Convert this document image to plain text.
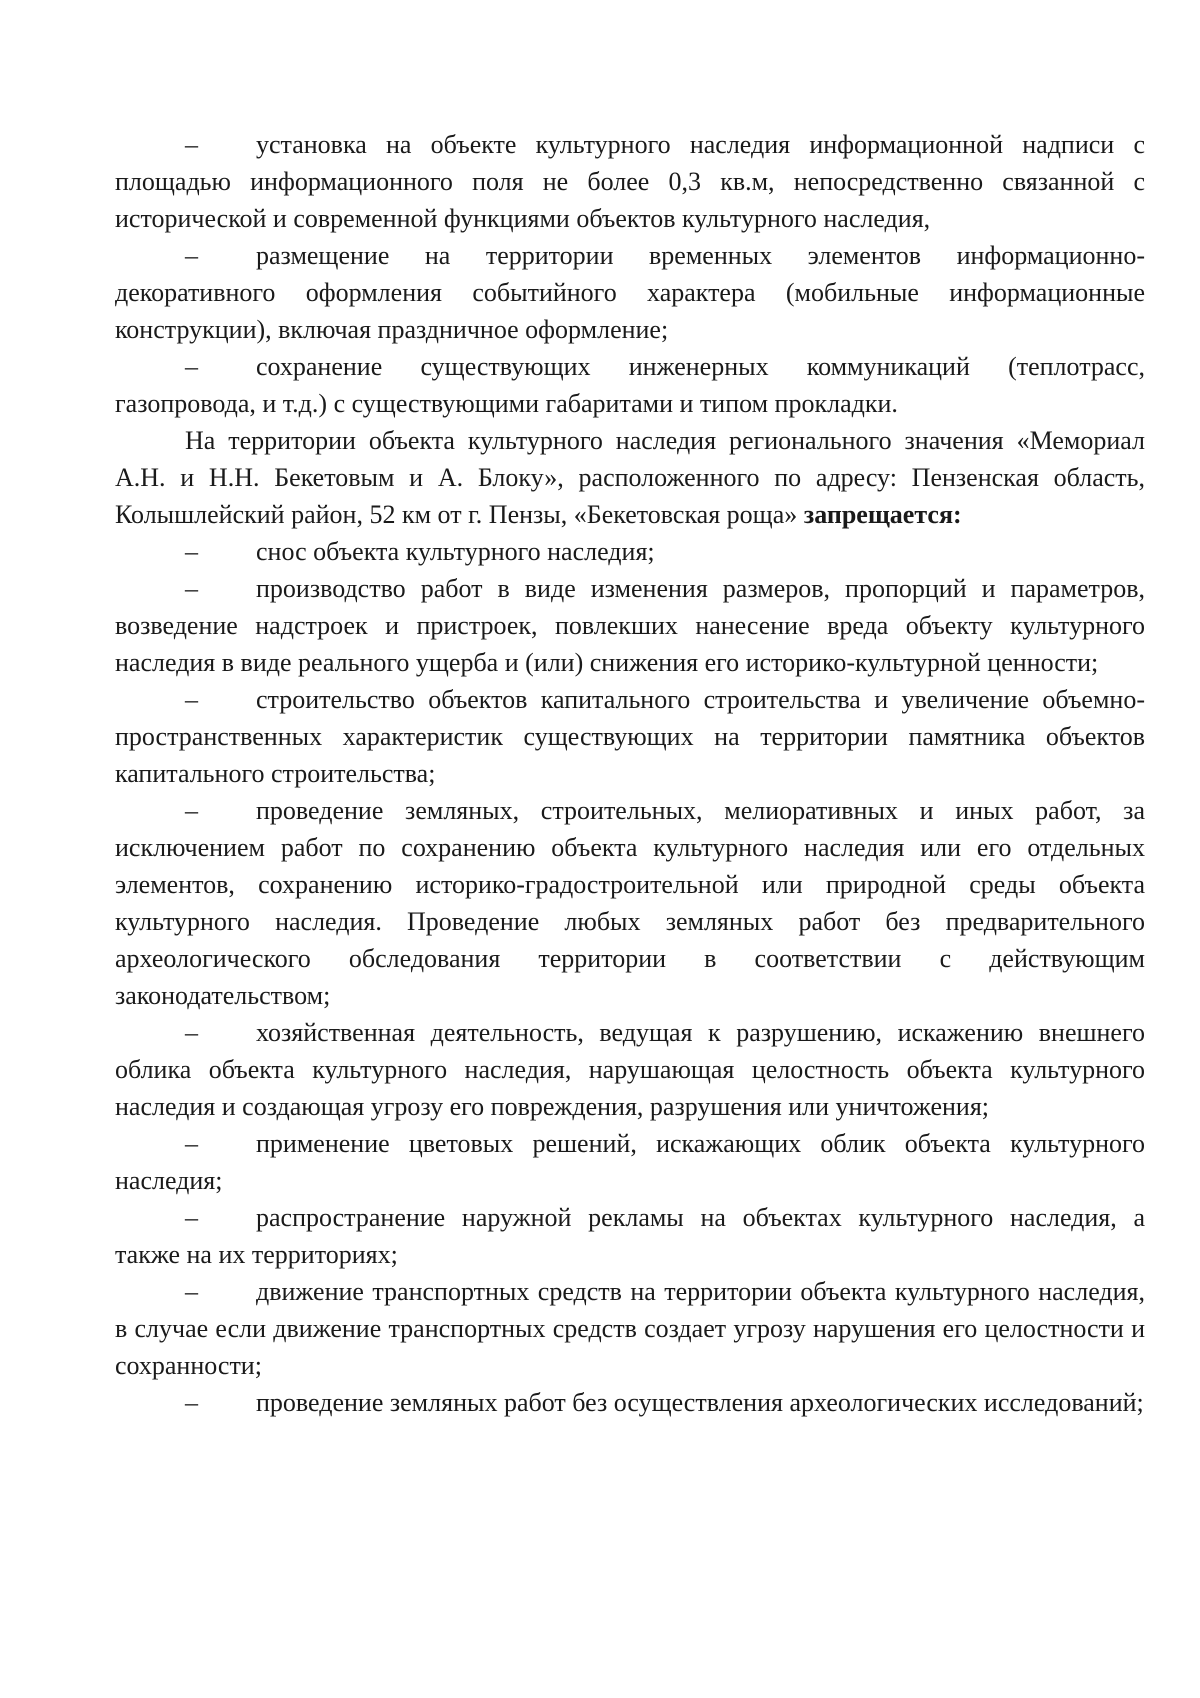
– установка на объекте культурного наследия информационной надписи с площадью информационного поля не более 0,3 кв.м, непосредственно связанной с исторической и современной функциями объектов культурного наследия,

– размещение на территории временных элементов информационно-декоративного оформления событийного характера (мобильные информационные конструкции), включая праздничное оформление;

– сохранение существующих инженерных коммуникаций (теплотрасс, газопровода, и т.д.) с существующими габаритами и типом прокладки.

На территории объекта культурного наследия регионального значения «Мемориал А.Н. и Н.Н. Бекетовым и А. Блоку», расположенного по адресу: Пензенская область, Колышлейский район, 52 км от г. Пензы, «Бекетовская роща» запрещается:

– снос объекта культурного наследия;

– производство работ в виде изменения размеров, пропорций и параметров, возведение надстроек и пристроек, повлекших нанесение вреда объекту культурного наследия в виде реального ущерба и (или) снижения его историко-культурной ценности;

– строительство объектов капитального строительства и увеличение объемно-пространственных характеристик существующих на территории памятника объектов капитального строительства;

– проведение земляных, строительных, мелиоративных и иных работ, за исключением работ по сохранению объекта культурного наследия или его отдельных элементов, сохранению историко-градостроительной или природной среды объекта культурного наследия. Проведение любых земляных работ без предварительного археологического обследования территории в соответствии с действующим законодательством;

– хозяйственная деятельность, ведущая к разрушению, искажению внешнего облика объекта культурного наследия, нарушающая целостность объекта культурного наследия и создающая угрозу его повреждения, разрушения или уничтожения;

– применение цветовых решений, искажающих облик объекта культурного наследия;

– распространение наружной рекламы на объектах культурного наследия, а также на их территориях;

– движение транспортных средств на территории объекта культурного наследия, в случае если движение транспортных средств создает угрозу нарушения его целостности и сохранности;

– проведение земляных работ без осуществления археологических исследований;
